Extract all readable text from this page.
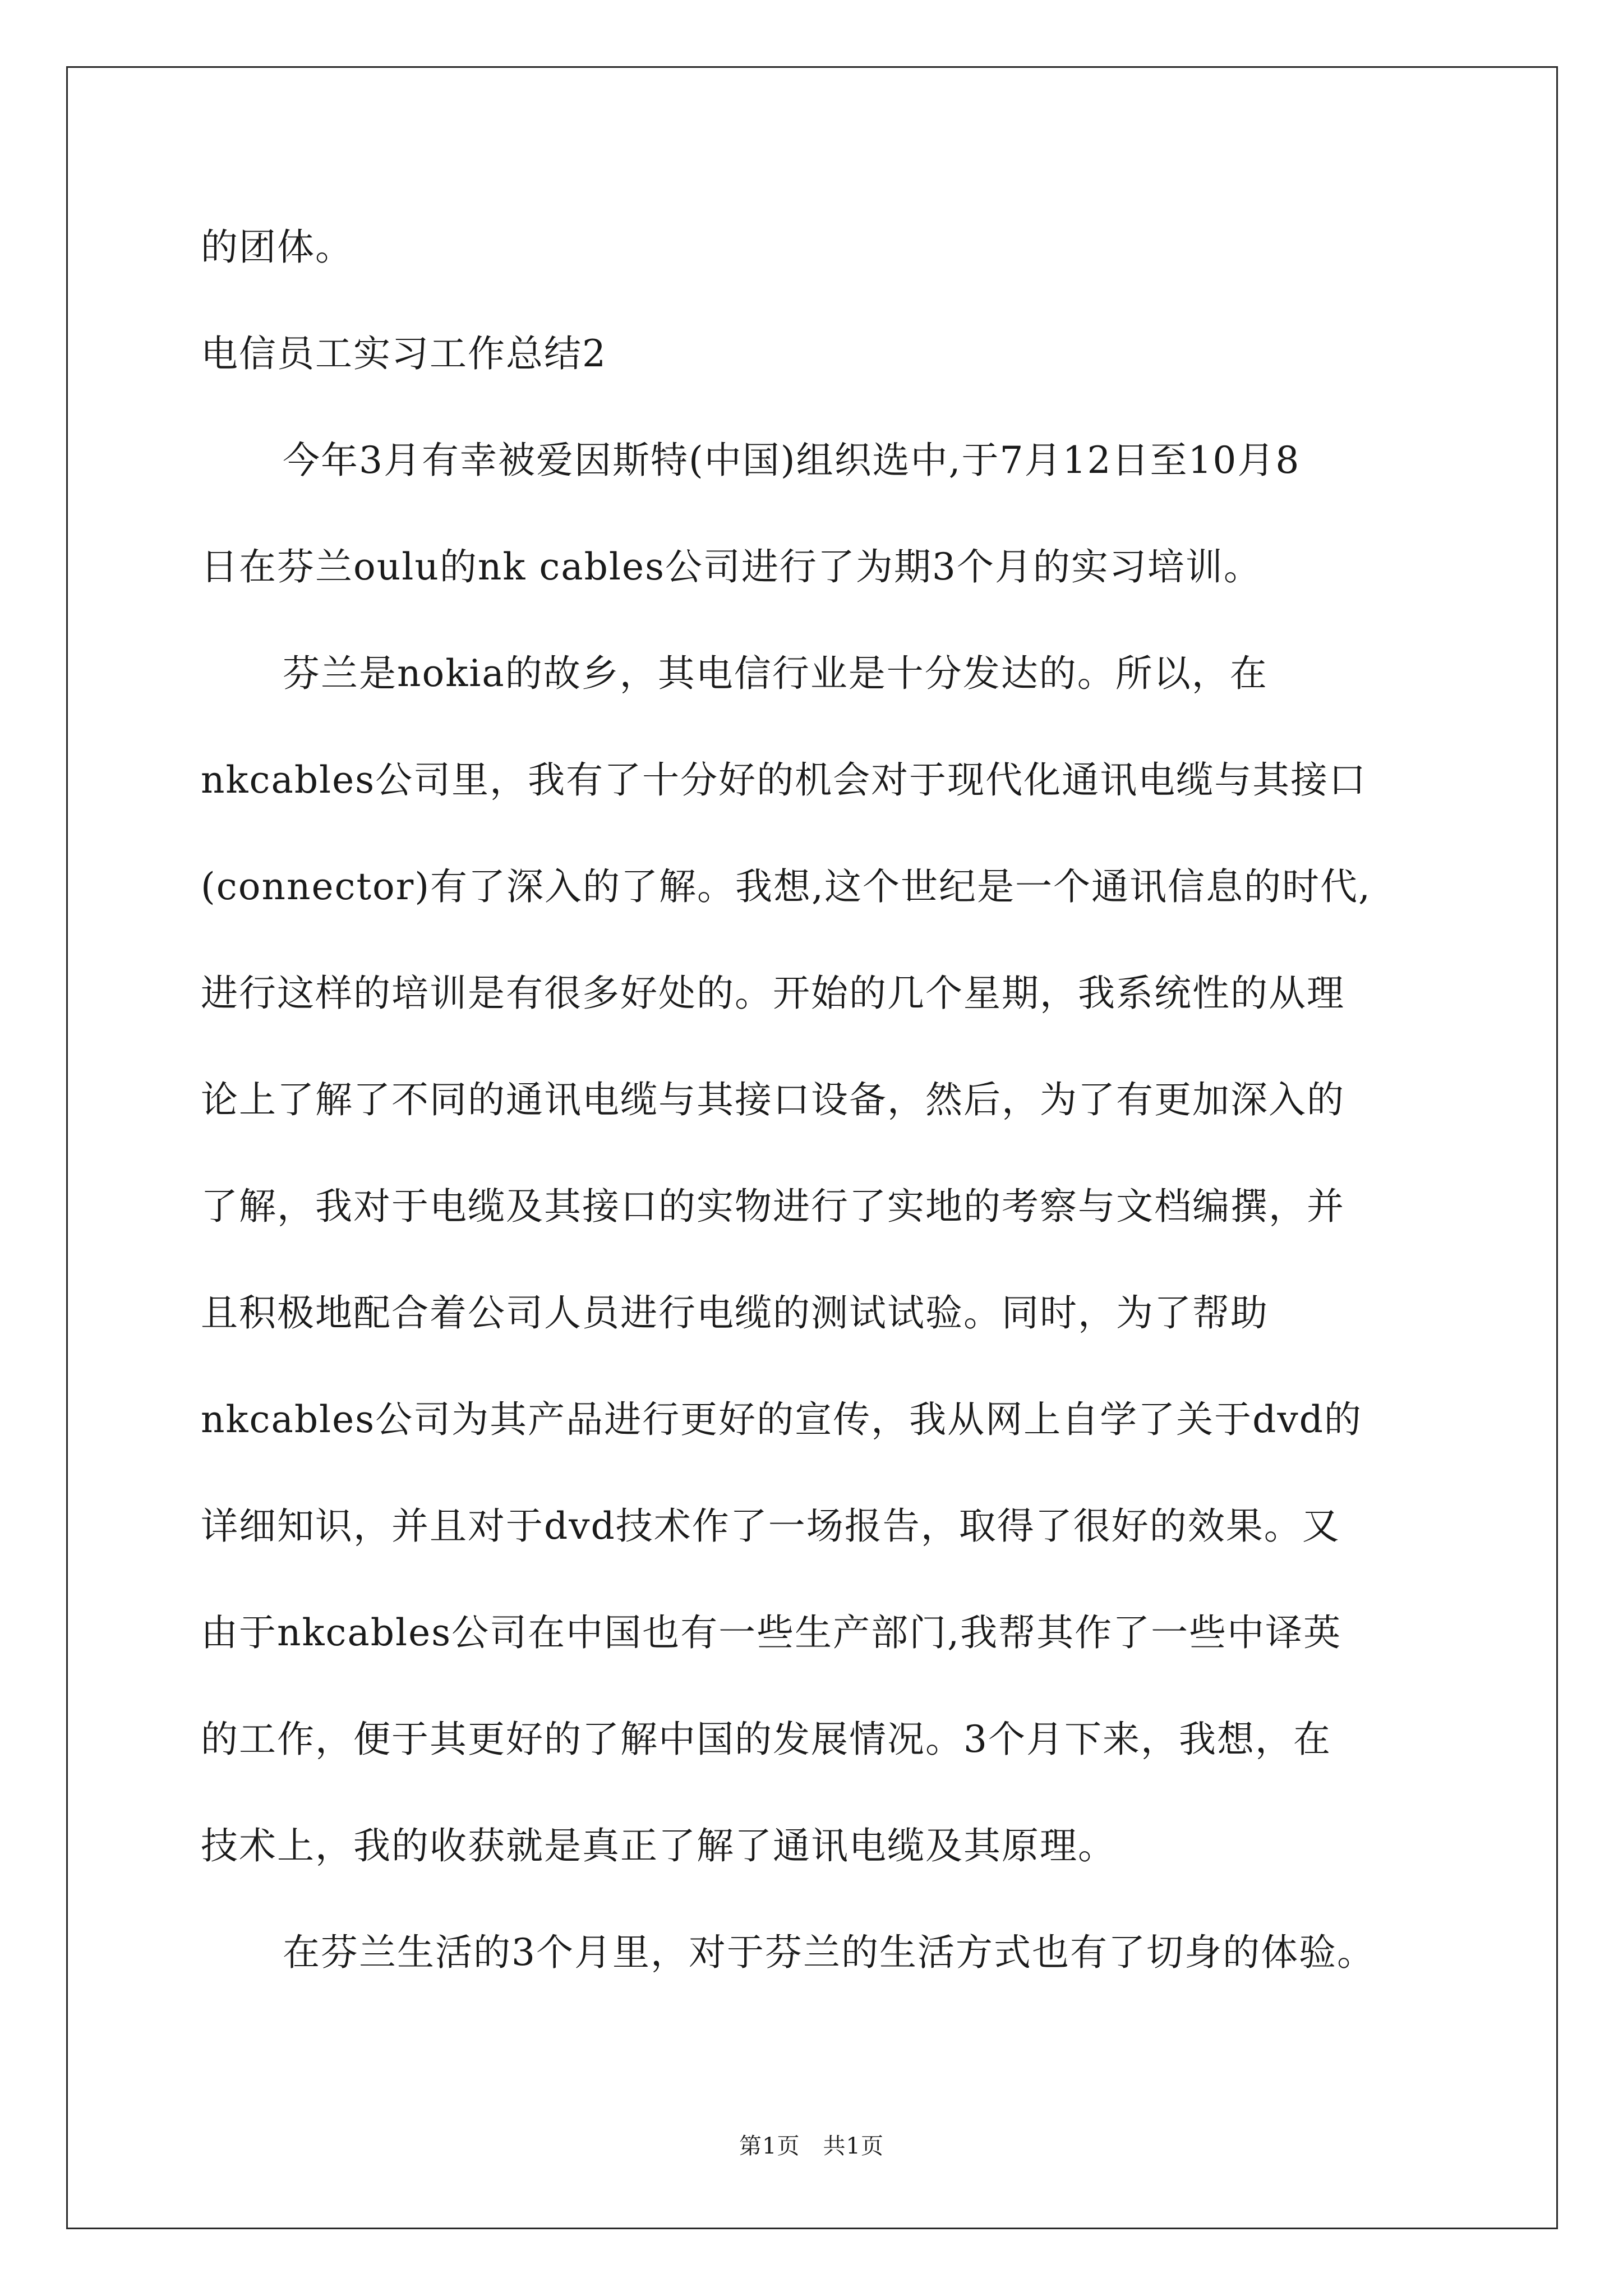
的团体。
电信员工实习工作总结2
今年3月有幸被爱因斯特(中国)组织选中,于7月12日至10月8
日在芬兰oulu的nk cables公司进行了为期3个月的实习培训。
芬兰是nokia的故乡，其电信行业是十分发达的。所以，在
nkcables公司里，我有了十分好的机会对于现代化通讯电缆与其接口
(connector)有了深入的了解。我想,这个世纪是一个通讯信息的时代,
进行这样的培训是有很多好处的。开始的几个星期，我系统性的从理
论上了解了不同的通讯电缆与其接口设备，然后，为了有更加深入的
了解，我对于电缆及其接口的实物进行了实地的考察与文档编撰，并
且积极地配合着公司人员进行电缆的测试试验。同时，为了帮助
nkcables公司为其产品进行更好的宣传，我从网上自学了关于dvd的
详细知识，并且对于dvd技术作了一场报告，取得了很好的效果。又
由于nkcables公司在中国也有一些生产部门,我帮其作了一些中译英
的工作，便于其更好的了解中国的发展情况。3个月下来，我想，在
技术上，我的收获就是真正了解了通讯电缆及其原理。
在芬兰生活的3个月里，对于芬兰的生活方式也有了切身的体验。
第1页　共1页
